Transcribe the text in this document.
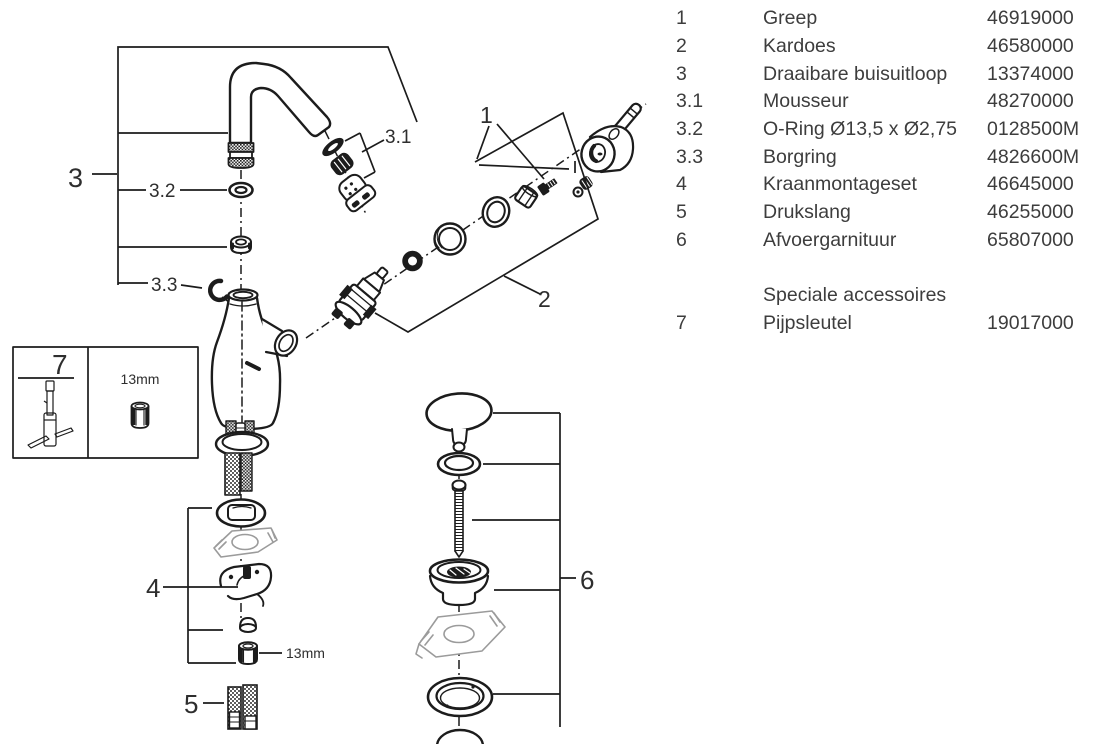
3	3.2
3.3
3.1
1
2
4
5
6
7	13mm
13mm
1	Greep	46919000
2	Kardoes	46580000
3	Draaibare buisuitloop	13374000
3.1	Mousseur	48270000
3.2	O-Ring Ø13,5 x Ø2,75	0128500M
3.3	Borgring	4826600M
4	Kraanmontageset	46645000
5	Drukslang	46255000
6	Afvoergarnituur	65807000
Speciale accessoires
7	Pijpsleutel	19017000
